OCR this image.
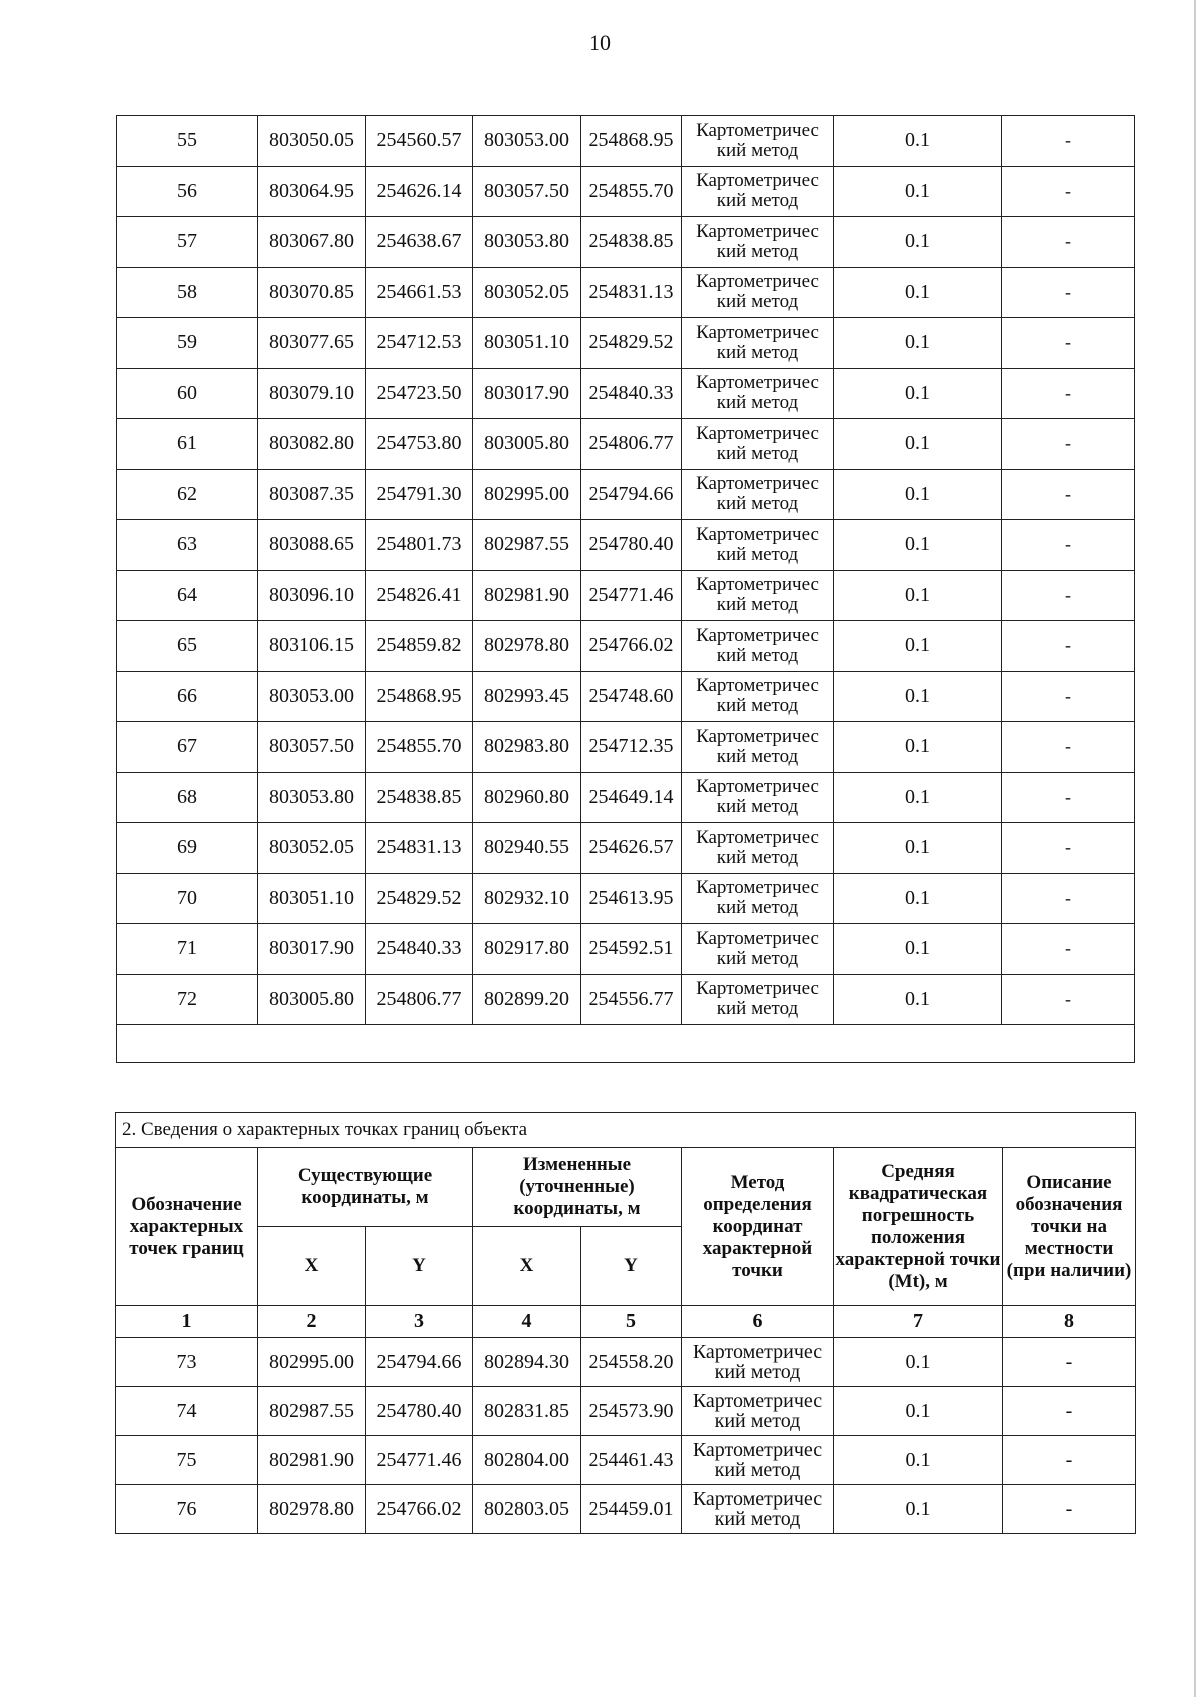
10
55	803050.05	254560.57	803053.00	254868.95	Картометричес кий метод	0.1	-
56	803064.95	254626.14	803057.50	254855.70	Картометричес кий метод	0.1	-
57	803067.80	254638.67	803053.80	254838.85	Картометричес кий метод	0.1	-
58	803070.85	254661.53	803052.05	254831.13	Картометричес кий метод	0.1	-
59	803077.65	254712.53	803051.10	254829.52	Картометричес кий метод	0.1	-
60	803079.10	254723.50	803017.90	254840.33	Картометричес кий метод	0.1	-
61	803082.80	254753.80	803005.80	254806.77	Картометричес кий метод	0.1	-
62	803087.35	254791.30	802995.00	254794.66	Картометричес кий метод	0.1	-
63	803088.65	254801.73	802987.55	254780.40	Картометричес кий метод	0.1	-
64	803096.10	254826.41	802981.90	254771.46	Картометричес кий метод	0.1	-
65	803106.15	254859.82	802978.80	254766.02	Картометричес кий метод	0.1	-
66	803053.00	254868.95	802993.45	254748.60	Картометричес кий метод	0.1	-
67	803057.50	254855.70	802983.80	254712.35	Картометричес кий метод	0.1	-
68	803053.80	254838.85	802960.80	254649.14	Картометричес кий метод	0.1	-
69	803052.05	254831.13	802940.55	254626.57	Картометричес кий метод	0.1	-
70	803051.10	254829.52	802932.10	254613.95	Картометричес кий метод	0.1	-
71	803017.90	254840.33	802917.80	254592.51	Картометричес кий метод	0.1	-
72	803005.80	254806.77	802899.20	254556.77	Картометричес кий метод	0.1	-

2. Сведения о характерных точках границ объекта							
Обозначение характерных точек границ	Существующие координаты, м		Измененные (уточненные) координаты, м		Метод определения координат характерной точки	Средняя квадратическая погрешность положения характерной точки (Mt), м	Описание обозначения точки на местности (при наличии)
	X	Y	X	Y			
1	2	3	4	5	6	7	8
73	802995.00	254794.66	802894.30	254558.20	Картометричес кий метод	0.1	-
74	802987.55	254780.40	802831.85	254573.90	Картометричес кий метод	0.1	-
75	802981.90	254771.46	802804.00	254461.43	Картометричес кий метод	0.1	-
76	802978.80	254766.02	802803.05	254459.01	Картометричес кий метод	0.1	-
